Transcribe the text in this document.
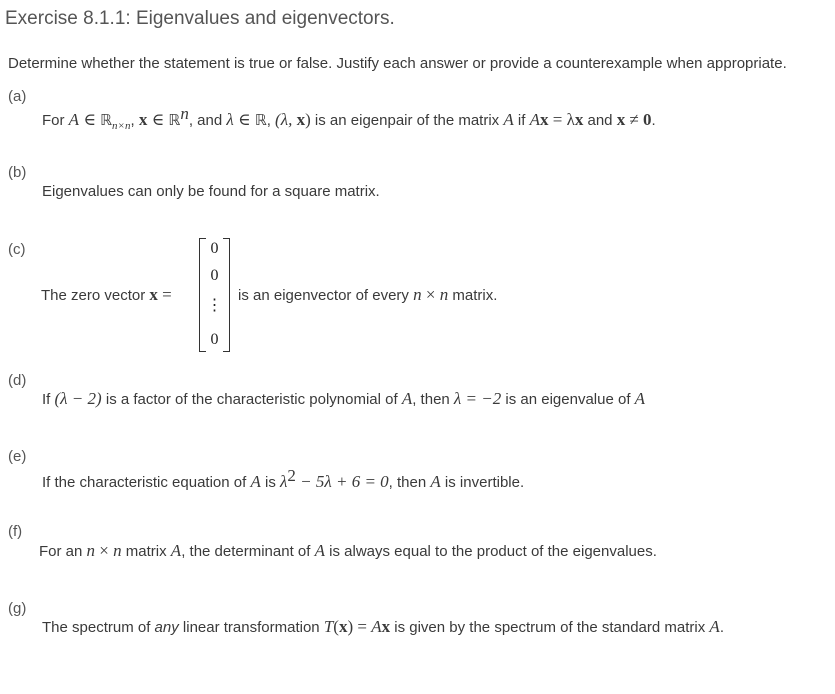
Exercise 8.1.1: Eigenvalues and eigenvectors.
Determine whether the statement is true or false. Justify each answer or provide a counterexample when appropriate.
(a)
For A ∈ ℝ$_{n\times n}$, x ∈ ℝ$^n$, and λ ∈ ℝ, (λ, x) is an eigenpair of the matrix A if Ax = λx and x ≠ 0.
(b)
Eigenvalues can only be found for a square matrix.
(c)
The zero vector x =
0
0
⋮
0
is an eigenvector of every n × n matrix.
(d)
If (λ − 2) is a factor of the characteristic polynomial of A, then λ = −2 is an eigenvalue of A
(e)
If the characteristic equation of A is $\lambda^2 - 5\lambda + 6 = 0$, then A is invertible.
(f)
For an n × n matrix A, the determinant of A is always equal to the product of the eigenvalues.
(g)
The spectrum of any linear transformation T(x) = Ax is given by the spectrum of the standard matrix A.
